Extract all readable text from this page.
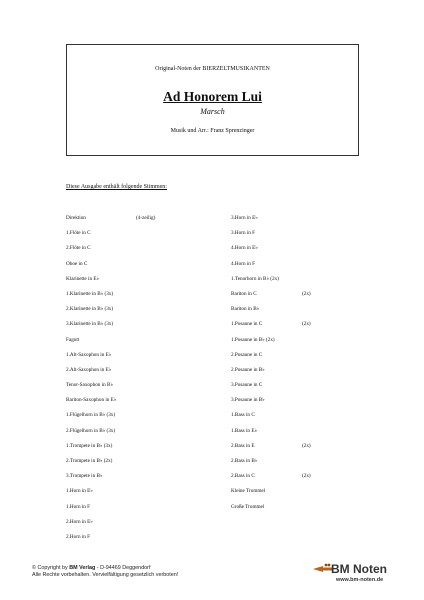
Original-Noten der BIERZELTMUSIKANTEN
Ad Honorem Lui
Marsch
Musik und Arr.: Franz Sprenzinger
Diese Ausgabe enthält folgende Stimmen:
Direktion	(4-zeilig)
1.Flöte in C
2.Flöte in C
Oboe in C
Klarinette in E♭
1.Klarinette in B♭ (3x)
2.Klarinette in B♭ (3x)
3.Klarinette in B♭ (3x)
Fagott
1.Alt-Saxophon in E♭
2.Alt-Saxophon in E♭
Tenor-Saxophon in B♭
Bariton-Saxophon in E♭
1.Flügelhorn in B♭ (3x)
2.Flügelhorn in B♭ (3x)
1.Trompete in B♭ (3x)
2.Trompete in B♭ (2x)
3.Trompete in B♭
1.Horn in E♭
1.Horn in F
2.Horn in E♭
2.Horn in F
3.Horn in E♭
3.Horn in F
4.Horn in E♭
4.Horn in F
1.Tenorhorn in B♭ (2x)
Bariton in C	(2x)
Bariton in B♭
1.Posaune in C	(2x)
1.Posaune in B♭ (2x)
2.Posaune in C
2.Posaune in B♭
3.Posaune in C
3.Posaune in B♭
1.Bass in C
1.Bass in E♭
2.Bass in E	(2x)
2.Bass in B♭
2.Bass in C	(2x)
Kleine Trommel
Große Trommel
© Copyright by BM Verlag - D-94469 Deggendorf
Alle Rechte vorbehalten. Vervielfältigung gesetzlich verboten!	BM Noten
www.bm-noten.de
